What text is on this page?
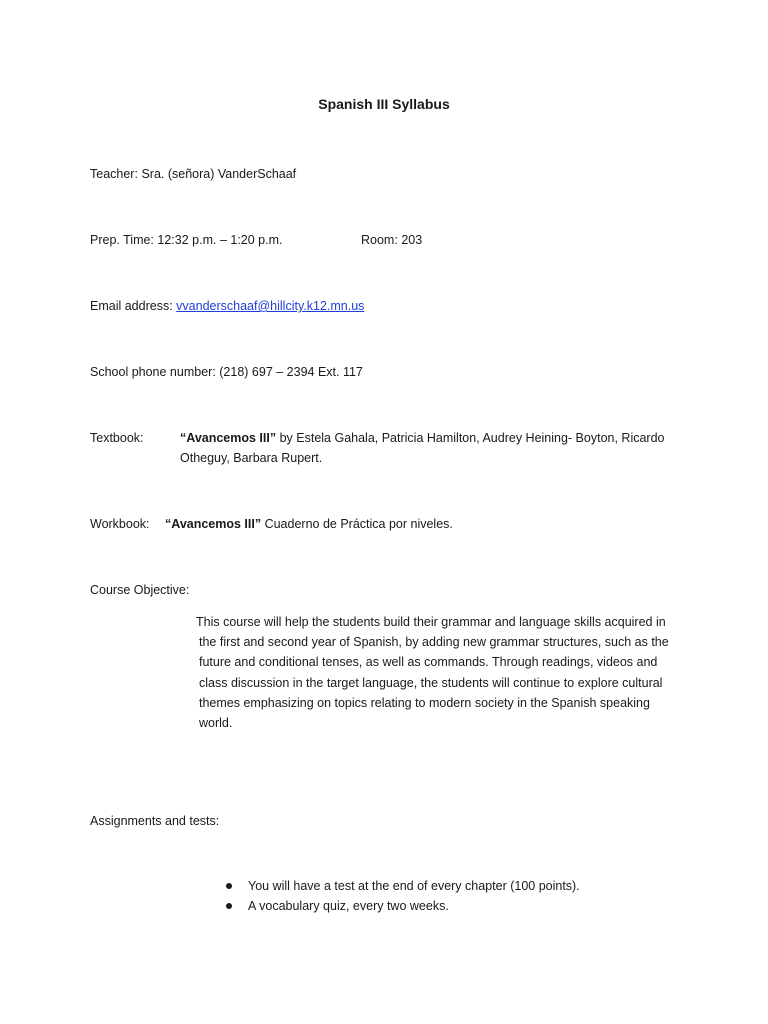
Spanish III Syllabus
Teacher: Sra. (señora) VanderSchaaf
Prep. Time: 12:32 p.m. – 1:20 p.m.	Room: 203
Email address: vvanderschaaf@hillcity.k12.mn.us
School phone number: (218) 697 – 2394 Ext. 117
Textbook:	“Avancemos III” by Estela Gahala, Patricia Hamilton, Audrey Heining- Boyton, Ricardo
Otheguy, Barbara Rupert.
Workbook: “Avancemos III” Cuaderno de Práctica por niveles.
Course Objective:
This course will help the students build their grammar and language skills acquired in
the first and second year of Spanish, by adding new grammar structures, such as the
future and conditional tenses, as well as commands. Through readings, videos and
class discussion in the target language, the students will continue to explore cultural
themes emphasizing on topics relating to modern society in the Spanish speaking
world.
Assignments and tests:
You will have a test at the end of every chapter (100 points).
A vocabulary quiz, every two weeks.
